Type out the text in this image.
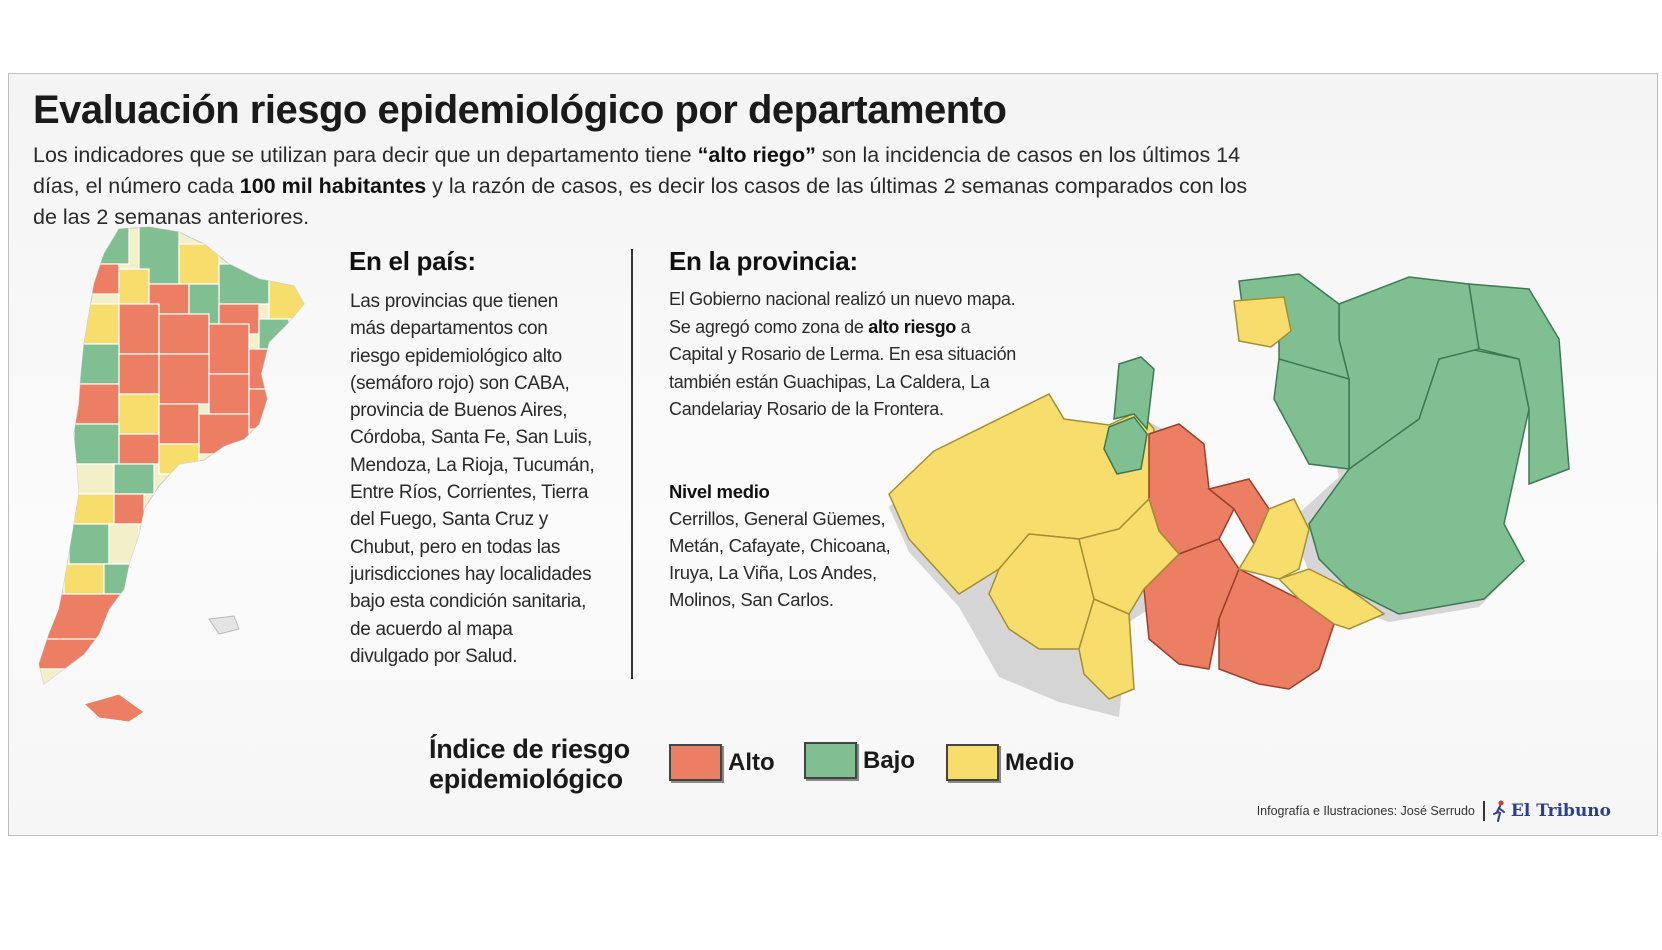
Evaluación riesgo epidemiológico por departamento
Los indicadores que se utilizan para decir que un departamento tiene “alto riego” son la incidencia de casos en los últimos 14 días, el número cada 100 mil habitantes y la razón de casos, es decir los casos de las últimas 2 semanas comparados con los de las 2 semanas anteriores.
En el país:
Las provincias que tienen
más departamentos con
riesgo epidemiológico alto
(semáforo rojo) son CABA,
provincia de Buenos Aires,
Córdoba, Santa Fe, San Luis,
Mendoza, La Rioja, Tucumán,
Entre Ríos, Corrientes, Tierra
del Fuego, Santa Cruz y
Chubut, pero en todas las
jurisdicciones hay localidades
bajo esta condición sanitaria,
de acuerdo al mapa
divulgado por Salud.
En la provincia:
El Gobierno nacional realizó un nuevo mapa.
Se agregó como zona de alto riesgo a
Capital y Rosario de Lerma. En esa situación
también están Guachipas, La Caldera, La
Candelariay Rosario de la Frontera.
Nivel medio
Cerrillos, General Güemes,
Metán, Cafayate, Chicoana,
Iruya, La Viña, Los Andes,
Molinos, San Carlos.
Índice de riesgo
epidemiológico
Alto	Bajo	Medio
Infografía e Ilustraciones: José Serrudo El Tribuno
